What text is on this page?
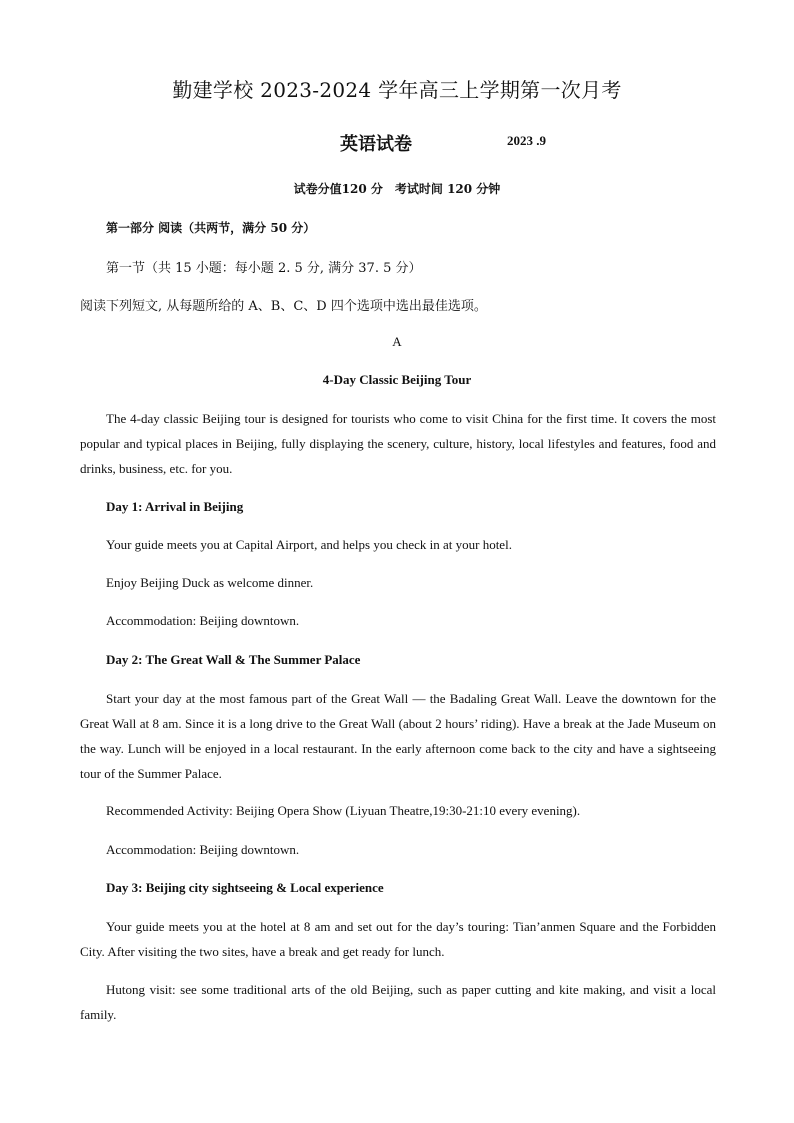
勤建学校 2023-2024 学年高三上学期第一次月考
英语试卷	2023 .9
试卷分值120 分　考试时间 120 分钟
第一部分 阅读（共两节，满分 50 分）
第一节（共 15 小题：每小题 2. 5 分, 满分 37. 5 分）
阅读下列短文, 从每题所给的 A、B、C、D 四个选项中选出最佳选项。
A
4-Day Classic Beijing Tour

The 4-day classic Beijing tour is designed for tourists who come to visit China for the first time. It covers the most popular and typical places in Beijing, fully displaying the scenery, culture, history, local lifestyles and features, food and drinks, business, etc. for you.

Day 1: Arrival in Beijing
Your guide meets you at Capital Airport, and helps you check in at your hotel.
Enjoy Beijing Duck as welcome dinner.
Accommodation: Beijing downtown.
Day 2: The Great Wall & The Summer Palace

Start your day at the most famous part of the Great Wall — the Badaling Great Wall. Leave the downtown for the Great Wall at 8 am. Since it is a long drive to the Great Wall (about 2 hours’ riding). Have a break at the Jade Museum on the way. Lunch will be enjoyed in a local restaurant. In the early afternoon come back to the city and have a sightseeing tour of the Summer Palace.

Recommended Activity: Beijing Opera Show (Liyuan Theatre,19:30-21:10 every evening).
Accommodation: Beijing downtown.
Day 3: Beijing city sightseeing & Local experience

Your guide meets you at the hotel at 8 am and set out for the day’s touring: Tian’anmen Square and the Forbidden City. After visiting the two sites, have a break and get ready for lunch.

Hutong visit: see some traditional arts of the old Beijing, such as paper cutting and kite making, and visit a local family.
